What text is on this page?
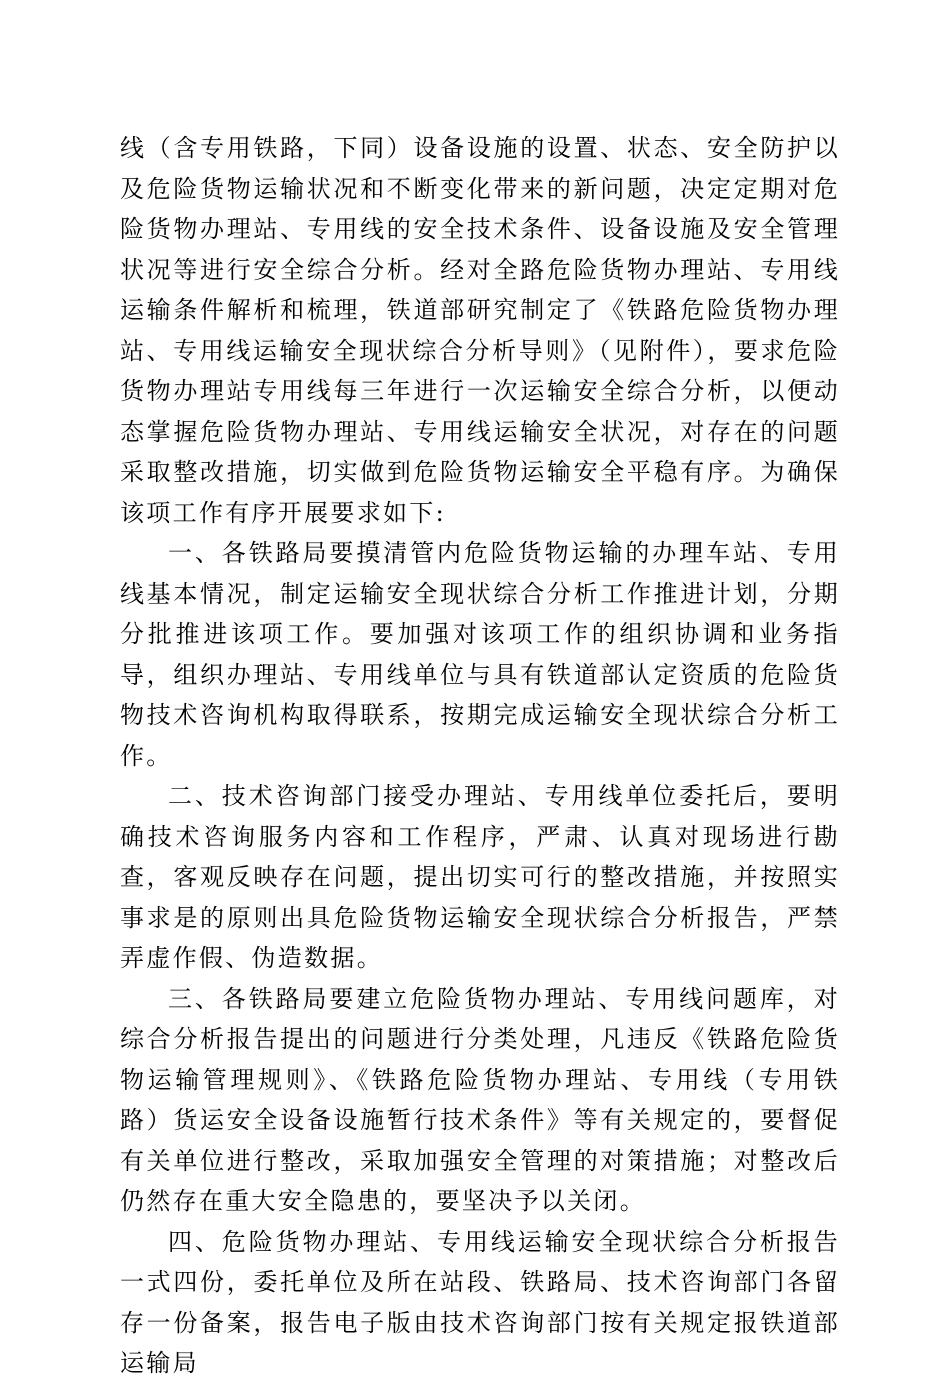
线（含专用铁路，下同）设备设施的设置、状态、安全防护以及危险货物运输状况和不断变化带来的新问题，决定定期对危险货物办理站、专用线的安全技术条件、设备设施及安全管理状况等进行安全综合分析。经对全路危险货物办理站、专用线运输条件解析和梳理，铁道部研究制定了《铁路危险货物办理站、专用线运输安全现状综合分析导则》（见附件），要求危险货物办理站专用线每三年进行一次运输安全综合分析，以便动态掌握危险货物办理站、专用线运输安全状况，对存在的问题采取整改措施，切实做到危险货物运输安全平稳有序。为确保该项工作有序开展要求如下:

一、各铁路局要摸清管内危险货物运输的办理车站、专用线基本情况，制定运输安全现状综合分析工作推进计划，分期分批推进该项工作。要加强对该项工作的组织协调和业务指导，组织办理站、专用线单位与具有铁道部认定资质的危险货物技术咨询机构取得联系，按期完成运输安全现状综合分析工作。

二、技术咨询部门接受办理站、专用线单位委托后，要明确技术咨询服务内容和工作程序，严肃、认真对现场进行勘查，客观反映存在问题，提出切实可行的整改措施，并按照实事求是的原则出具危险货物运输安全现状综合分析报告，严禁弄虚作假、伪造数据。

三、各铁路局要建立危险货物办理站、专用线问题库，对综合分析报告提出的问题进行分类处理，凡违反《铁路危险货物运输管理规则》、《铁路危险货物办理站、专用线（专用铁路）货运安全设备设施暂行技术条件》等有关规定的，要督促有关单位进行整改，采取加强安全管理的对策措施；对整改后仍然存在重大安全隐患的，要坚决予以关闭。

四、危险货物办理站、专用线运输安全现状综合分析报告一式四份，委托单位及所在站段、铁路局、技术咨询部门各留存一份备案，报告电子版由技术咨询部门按有关规定报铁道部运输局
